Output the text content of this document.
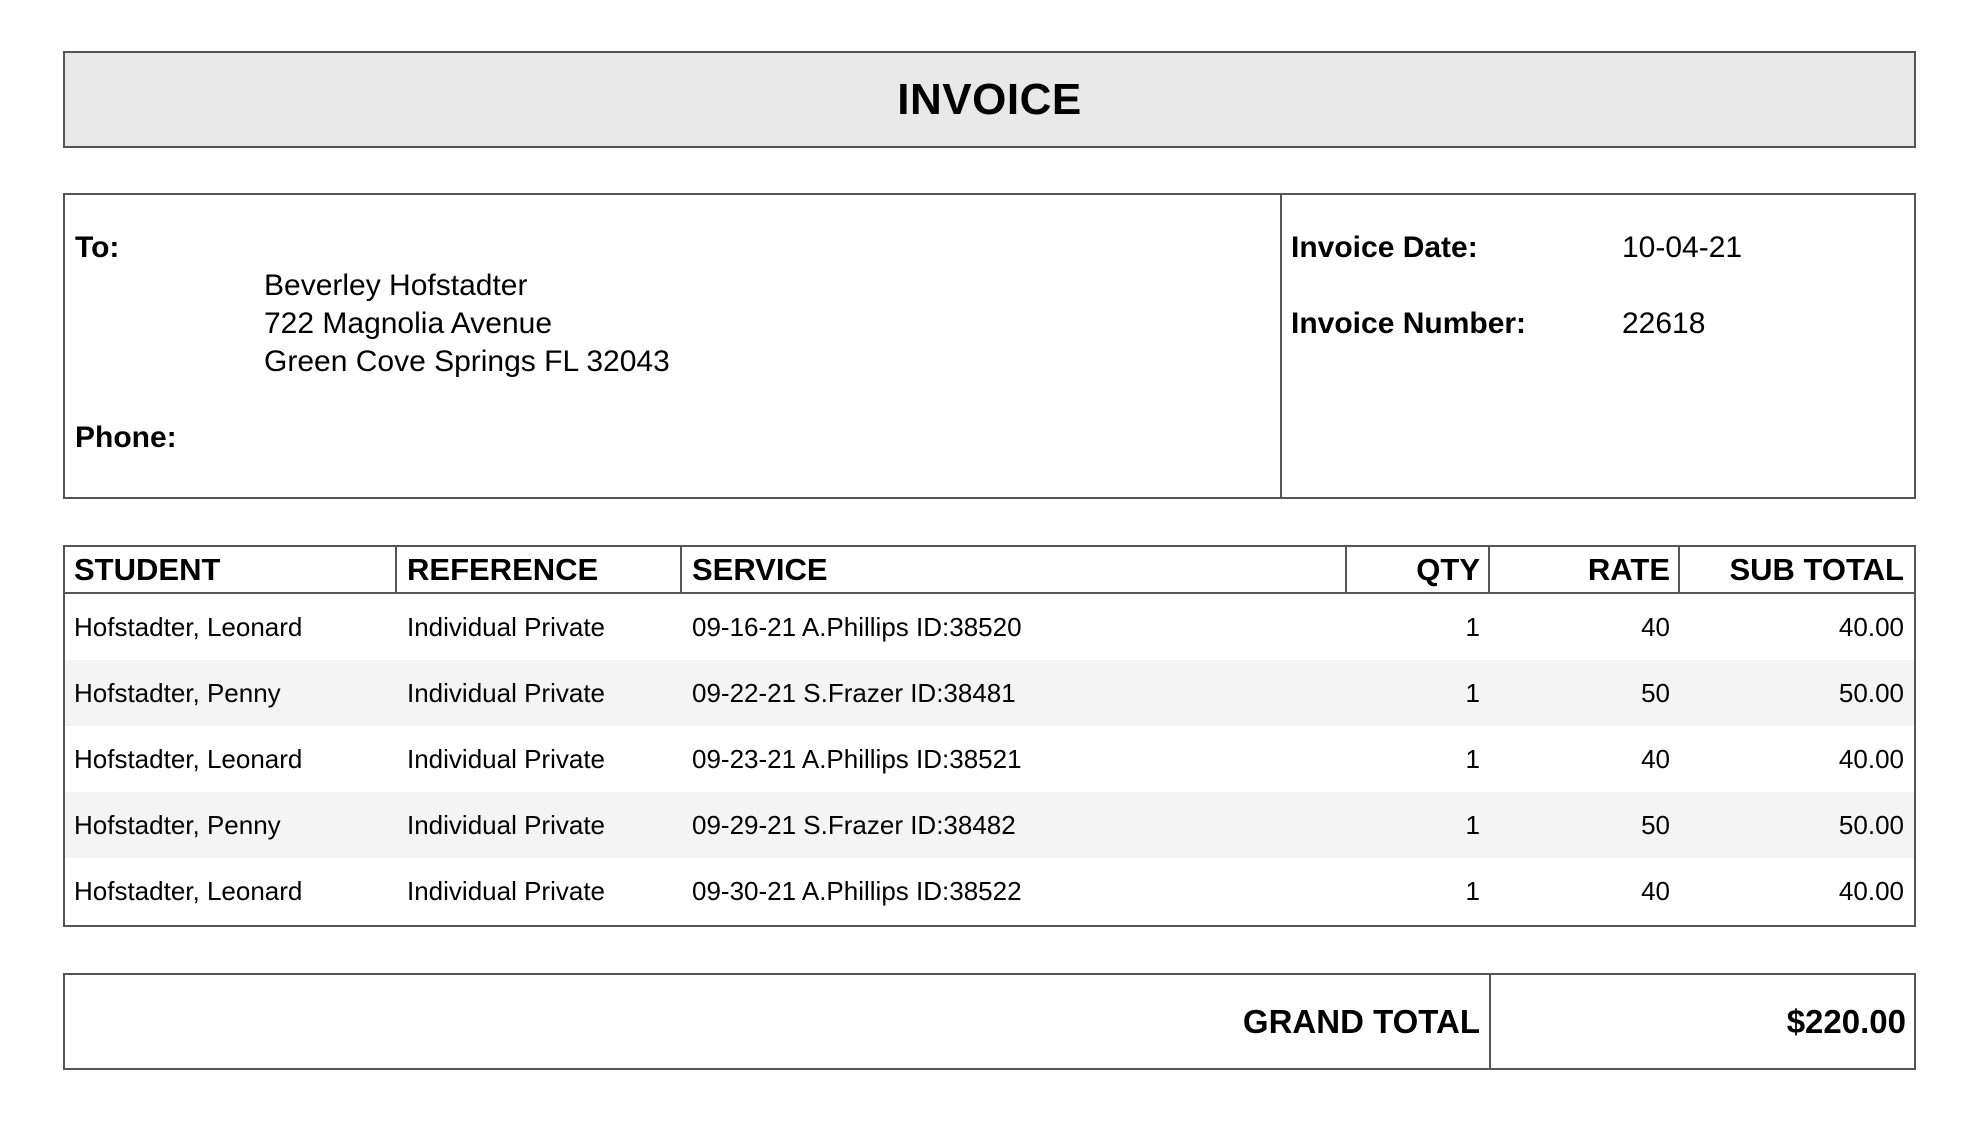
INVOICE
To:
Beverley Hofstadter
722 Magnolia Avenue
Green Cove Springs FL 32043
Phone:
Invoice Date:	10-04-21
Invoice Number:	22618
STUDENT	REFERENCE	SERVICE	QTY	RATE	SUB TOTAL
Hofstadter, Leonard	Individual Private	09-16-21 A.Phillips ID:38520	1	40	40.00
Hofstadter, Penny	Individual Private	09-22-21 S.Frazer ID:38481	1	50	50.00
Hofstadter, Leonard	Individual Private	09-23-21 A.Phillips ID:38521	1	40	40.00
Hofstadter, Penny	Individual Private	09-29-21 S.Frazer ID:38482	1	50	50.00
Hofstadter, Leonard	Individual Private	09-30-21 A.Phillips ID:38522	1	40	40.00
GRAND TOTAL	$220.00
